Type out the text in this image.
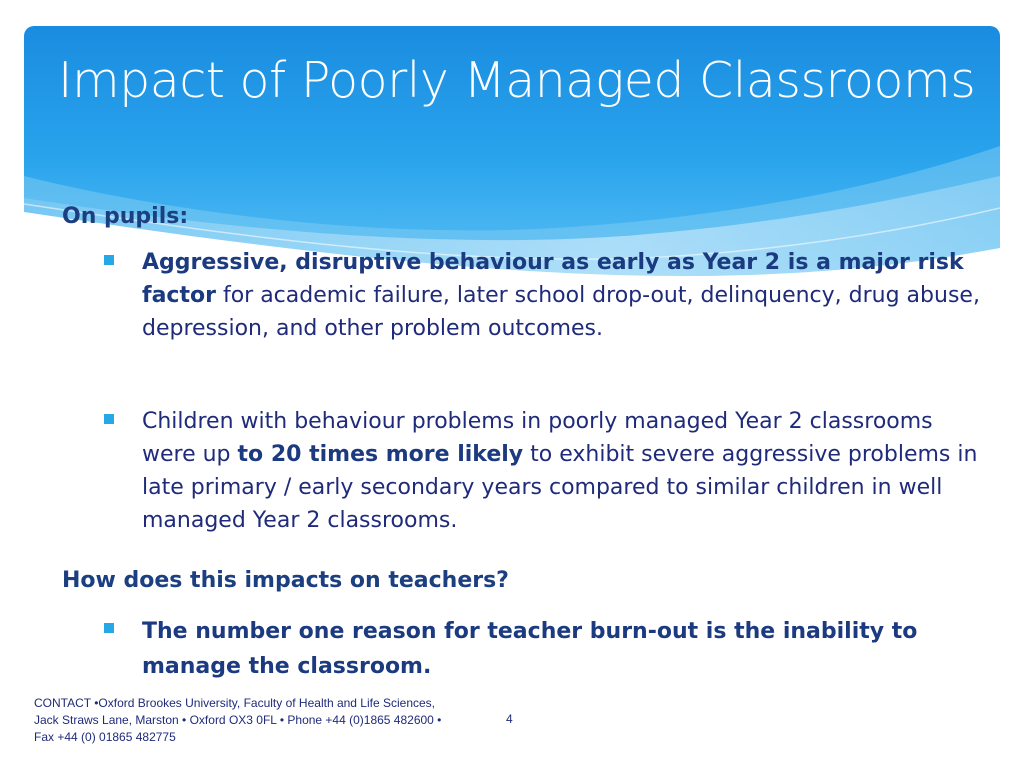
Impact of Poorly Managed Classrooms

On pupils:

Aggressive, disruptive behaviour as early as Year 2 is a major risk factor for academic failure, later school drop-out, delinquency, drug abuse, depression, and other problem outcomes.
Children with behaviour problems in poorly managed Year 2 classrooms were up to 20 times more likely to exhibit severe aggressive problems in late primary / early secondary years compared to similar children in well managed Year 2 classrooms.

How does this impacts on teachers?

The number one reason for teacher burn-out is the inability to manage the classroom.
CONTACT •Oxford Brookes University, Faculty of Health and Life Sciences, Jack Straws Lane, Marston • Oxford OX3 0FL • Phone +44 (0)1865 482600 • Fax +44 (0) 01865 482775
4
